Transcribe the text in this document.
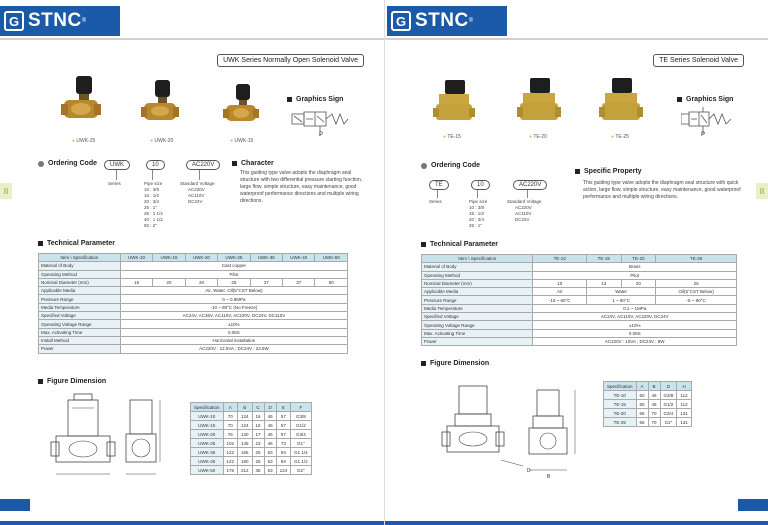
G STNC ®
UWK Series Normally Open Solenoid Valve
II
● UWK-25	● UWK-20	● UWK-15
Graphics Sign
P
Ordering Code	UWK	10	AC220V
Series	Pipe size
10 : 3/8
15 : 1/2
20 : 3/4
25 : 1"
35 : 1 1/4
40 : 1 1/2
50 : 2"
Standard Voltage
AC220V
AC110V
DC24V
Character
This guiding type valve adopts the diaphragm seal structure with two differential pressure starting function, large flow, simple structure, easy maintenance, good waterproof performance directions and multiple wiring directions.
Technical Parameter
Item \ Specification	UWK-10	UWK-15	UWK-20	UWK-25	UWK-35	UWK-40	UWK-50
Material of Body	Cast copper						
Operating Method	Pilot						
Nominal Diameter (mm)	16	20	20	25	37	37	50
Applicable Media	Air, Water, Oil(5°CST Below)						
Pressure Range	0 ~ 0.8MPa						
Media Temperature	-10 ~ 80°C (No Freeze)						
Specified Voltage	AC24V, AC36V, AC110V, AC220V, DC24V, DC110V						
Operating Voltage Range	±10%						
Max. Activating Time	0.05S						
Install Method	Horizontal installation						
Power	AC220V : 12.5VA ; DC24V : 22.5W						
Figure Dimension
Specification	A	B	C	D	E	F
UWK-10	70	124	16	46	57	G3/8
UWK-15	70	124	16	46	57	G1/2
UWK-20	76	130	17	46	57	G3/4
UWK-25	102	145	23	46	73	G1"
UWK-35	122	165	25	63	94	G1 1/4
UWK-40	122	180	25	63	94	G1 1/2
UWK-50	175	212	35	63	124	G2"
G STNC ®
TE Series Solenoid Valve
II
● TE-15	● TE-20	● TE-25
Graphics Sign
P
Ordering Code
TE	10	AC220V
Series	Pipe size
10 : 3/8
15 : 1/2
20 : 3/4
25 : 1"
Standard Voltage
AC220V
AC110V
DC24V
Specific Property
This guiding type valve adopts the diaphragm seal structure with quick action, large flow, simple structure, easy maintenance, good waterproof performance and multiple wiring directions.
Technical Parameter
Item \ Specification	TE-10	TE-15	TE-20	TE-25
Material of Body	Brass			
Operating Method	Pilot			
Nominal Diameter (mm)	10	13	20	25
Applicable Media	Air	Water		Oil(5°CST Below)
Pressure Range	-10 ~ 60°C	1 ~ 60°C		-5 ~ 80°C
Media Temperature	0.1 ~ 1MPa			
Specified Voltage	AC24V, AC110V, AC220V, DC24V			
Operating Voltage Range	±10%			
Max. Activating Time	0.05S			
Power	AC220V : 10VA ; DC24V : 8W			
Figure Dimension
D
B
Specification	A	B	D	H
TE-10	60	46	G3/8	112
TE-15	60	46	G1/2	112
TE-20	66	70	G3/4	131
TE-25	66	70	G1"	131
